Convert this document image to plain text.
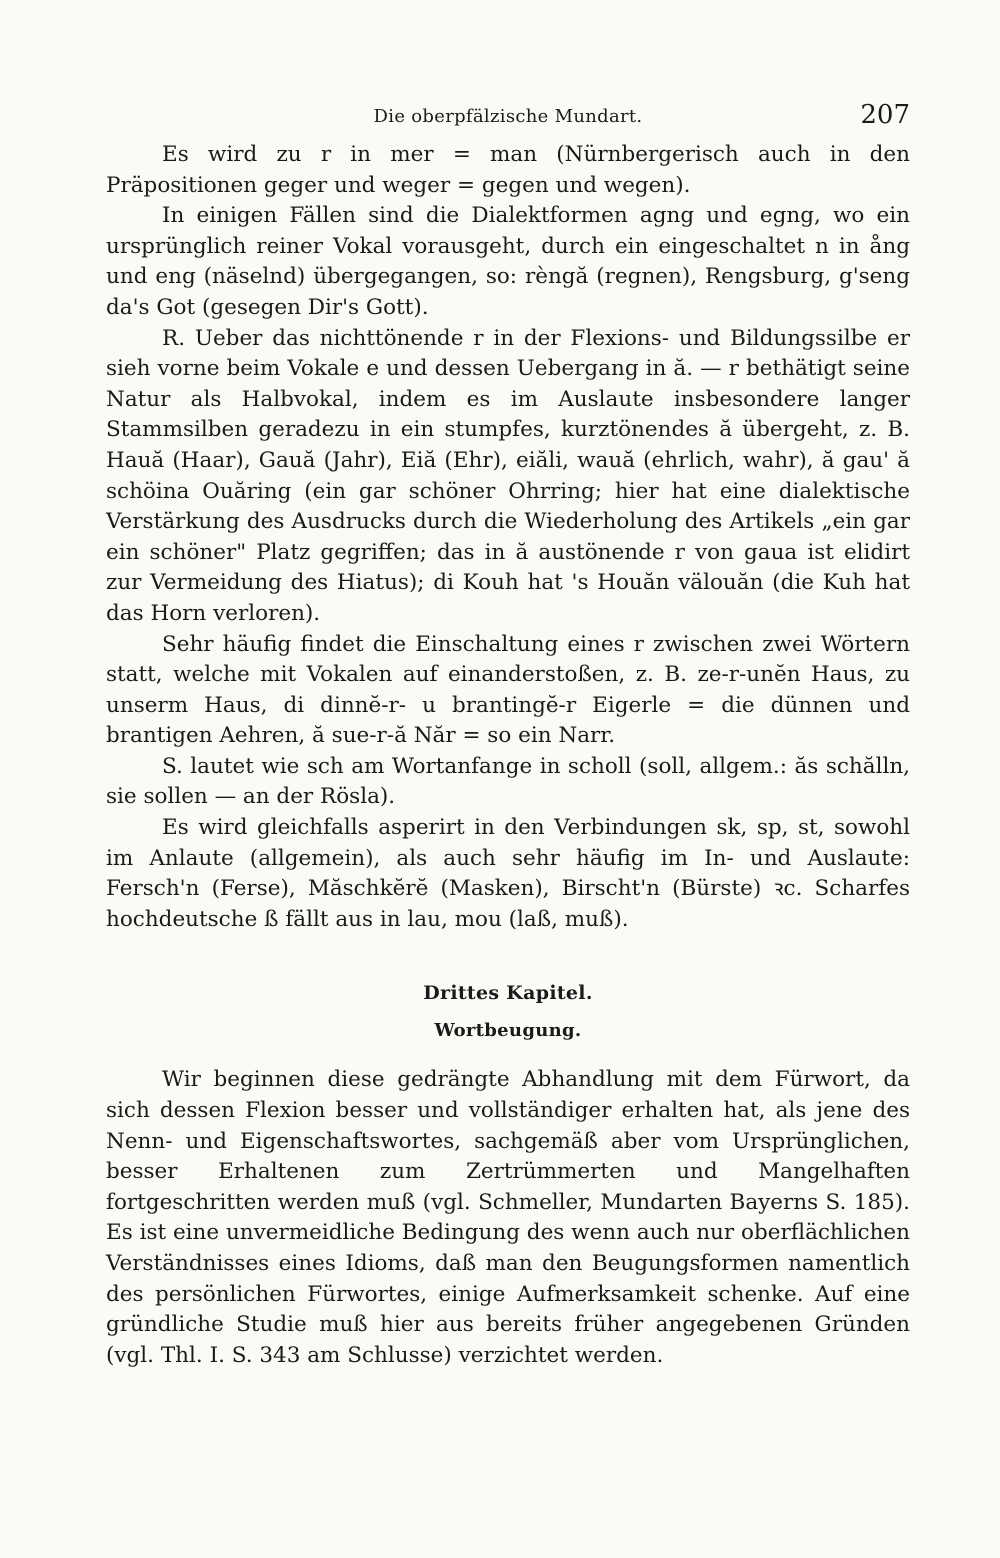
Die oberpfälzische Mundart.	207

Es wird zu r in mer = man (Nürnbergerisch auch in den Präpositionen geger und weger = gegen und wegen).

In einigen Fällen sind die Dialektformen agng und egng, wo ein ursprünglich reiner Vokal vorausgeht, durch ein eingeschaltet n in ång und eng (näselnd) übergegangen, so: rèngă (regnen), Rengsburg, g'seng da's Got (gesegen Dir's Gott).

R. Ueber das nichttönende r in der Flexions- und Bildungssilbe er sieh vorne beim Vokale e und dessen Uebergang in ă. — r bethätigt seine Natur als Halbvokal, indem es im Auslaute insbesondere langer Stammsilben geradezu in ein stumpfes, kurztönendes ă übergeht, z. B. Hauă (Haar), Gauă (Jahr), Eiă (Ehr), eiăli, wauă (ehrlich, wahr), ă gau' ă schöina Ouăring (ein gar schöner Ohrring; hier hat eine dialektische Verstärkung des Ausdrucks durch die Wiederholung des Artikels „ein gar ein schöner" Platz gegriffen; das in ă austönende r von gaua ist elidirt zur Vermeidung des Hiatus); di Kouh hat 's Houăn välouăn (die Kuh hat das Horn verloren).

Sehr häufig findet die Einschaltung eines r zwischen zwei Wörtern statt, welche mit Vokalen auf einanderstoßen, z. B. ze-r-unĕn Haus, zu unserm Haus, di dinnĕ-r- u brantingĕ-r Eigerle = die dünnen und brantigen Aehren, ă sue-r-ă Năr = so ein Narr.

S. lautet wie sch am Wortanfange in scholl (soll, allgem.: ăs schălln, sie sollen — an der Rösla).

Es wird gleichfalls asperirt in den Verbindungen sk, sp, st, sowohl im Anlaute (allgemein), als auch sehr häufig im In- und Auslaute: Fersch'n (Ferse), Măschkĕrĕ (Masken), Birscht'n (Bürste) ꝛc. Scharfes hochdeutsche ß fällt aus in lau, mou (laß, muß).

Drittes Kapitel.
Wortbeugung.

Wir beginnen diese gedrängte Abhandlung mit dem Fürwort, da sich dessen Flexion besser und vollständiger erhalten hat, als jene des Nenn- und Eigenschaftswortes, sachgemäß aber vom Ursprünglichen, besser Erhaltenen zum Zertrümmerten und Mangelhaften fortgeschritten werden muß (vgl. Schmeller, Mundarten Bayerns S. 185). Es ist eine unvermeidliche Bedingung des wenn auch nur oberflächlichen Verständnisses eines Idioms, daß man den Beugungsformen namentlich des persönlichen Fürwortes, einige Aufmerksamkeit schenke. Auf eine gründliche Studie muß hier aus bereits früher angegebenen Gründen (vgl. Thl. I. S. 343 am Schlusse) verzichtet werden.
